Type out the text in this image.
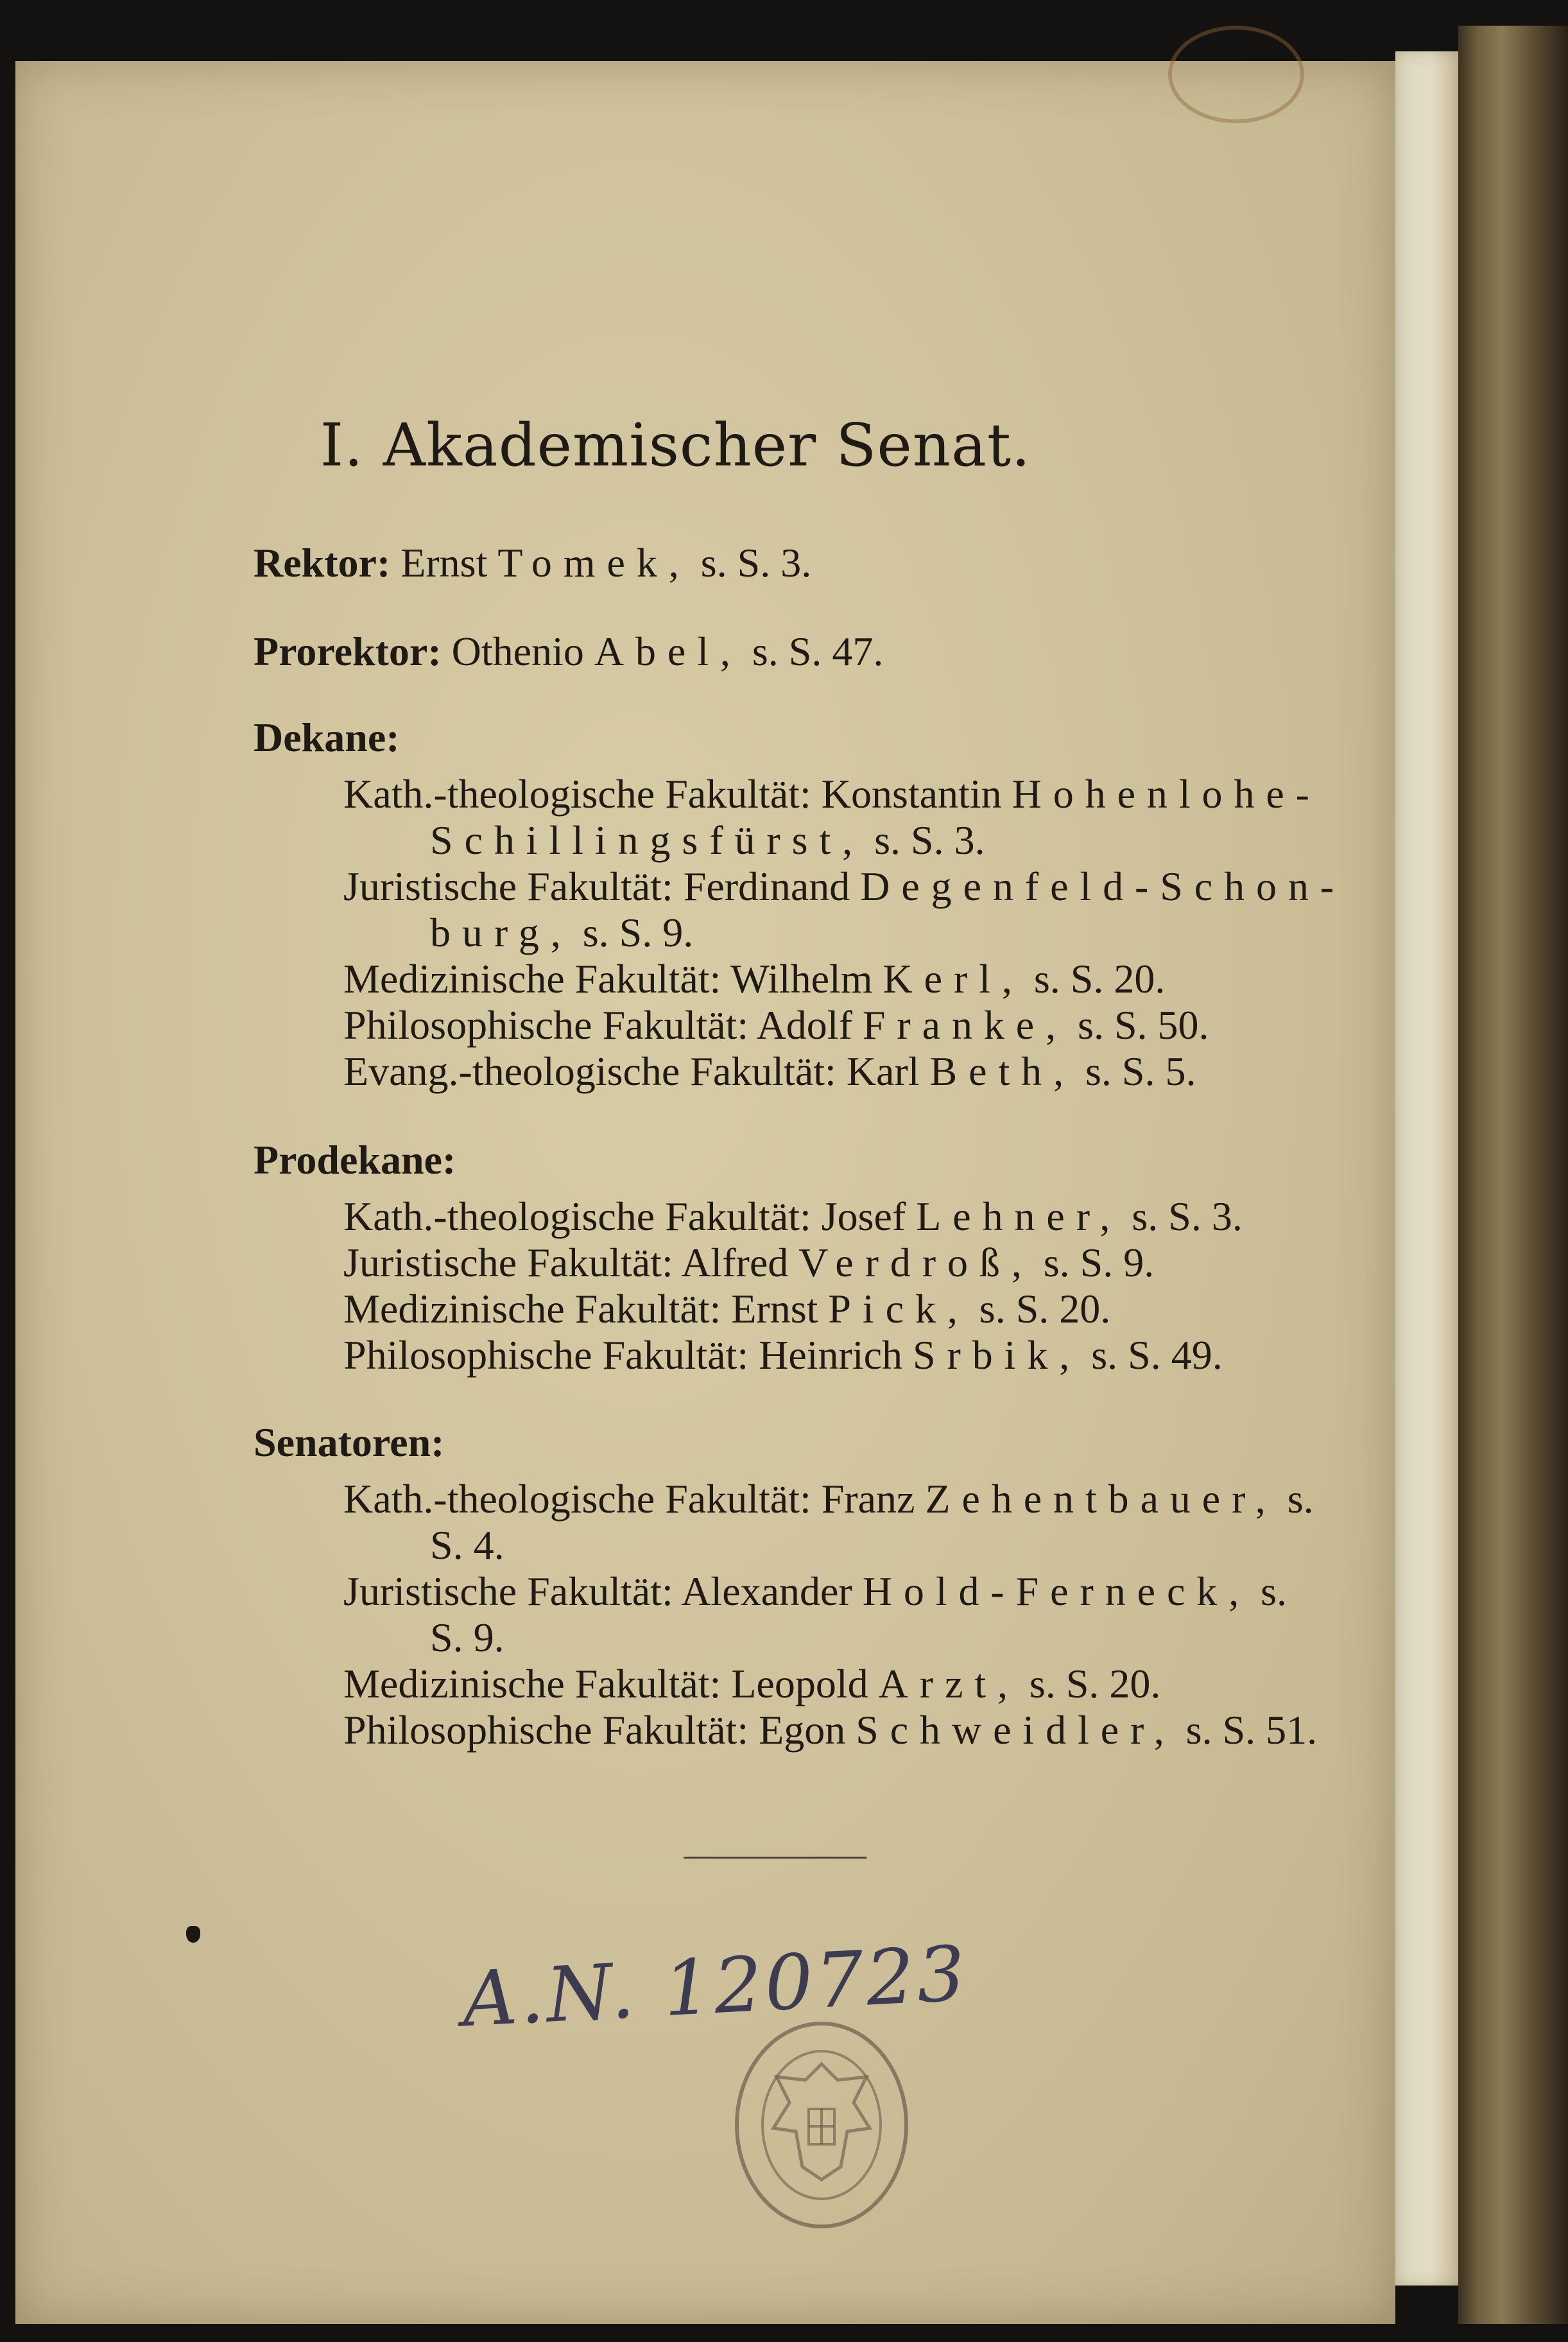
I. Akademischer Senat.
Rektor: Ernst Tomek, s. S. 3.
Prorektor: Othenio Abel, s. S. 47.
Dekane:
Kath.-theologische Fakultät: Konstantin Hohenlohe-
Schillingsfürst, s. S. 3.
Juristische Fakultät: Ferdinand Degenfeld-Schon-
burg, s. S. 9.
Medizinische Fakultät: Wilhelm Kerl, s. S. 20.
Philosophische Fakultät: Adolf Franke, s. S. 50.
Evang.-theologische Fakultät: Karl Beth, s. S. 5.
Prodekane:
Kath.-theologische Fakultät: Josef Lehner, s. S. 3.
Juristische Fakultät: Alfred Verdroß, s. S. 9.
Medizinische Fakultät: Ernst Pick, s. S. 20.
Philosophische Fakultät: Heinrich Srbik, s. S. 49.
Senatoren:
Kath.-theologische Fakultät: Franz Zehentbauer, s.
S. 4.
Juristische Fakultät: Alexander Hold-Ferneck, s.
S. 9.
Medizinische Fakultät: Leopold Arzt, s. S. 20.
Philosophische Fakultät: Egon Schweidler, s. S. 51.
A.N. 120723
